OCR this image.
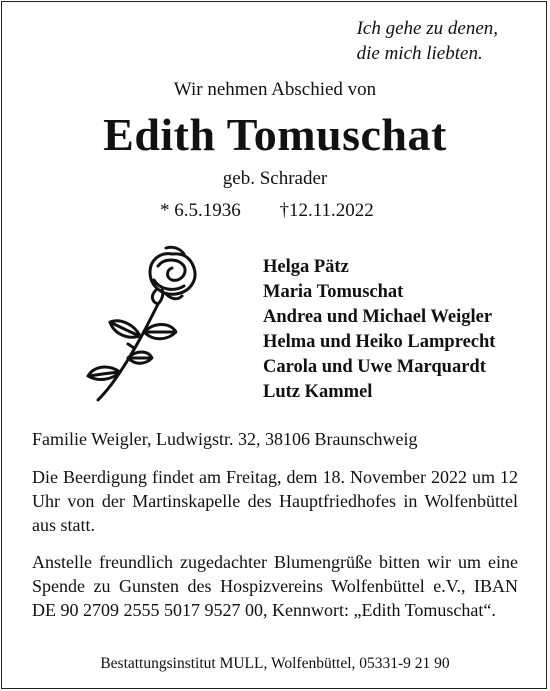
Ich gehe zu denen,
die mich liebten.
Wir nehmen Abschied von
Edith Tomuschat
geb. Schrader
* 6.5.1936 †12.11.2022
Helga Pätz
Maria Tomuschat
Andrea und Michael Weigler
Helma und Heiko Lamprecht
Carola und Uwe Marquardt
Lutz Kammel
Familie Weigler, Ludwigstr. 32, 38106 Braunschweig
Die Beerdigung findet am Freitag, dem 18. November 2022 um 12 Uhr von der Martinskapelle des Hauptfriedhofes in Wolfenbüttel aus statt.
Anstelle freundlich zugedachter Blumengrüße bitten wir um eine Spende zu Gunsten des Hospizvereins Wolfenbüttel e.V., IBAN DE 90 2709 2555 5017 9527 00, Kennwort: „Edith Tomuschat“.
Bestattungsinstitut MULL, Wolfenbüttel, 05331-9 21 90
